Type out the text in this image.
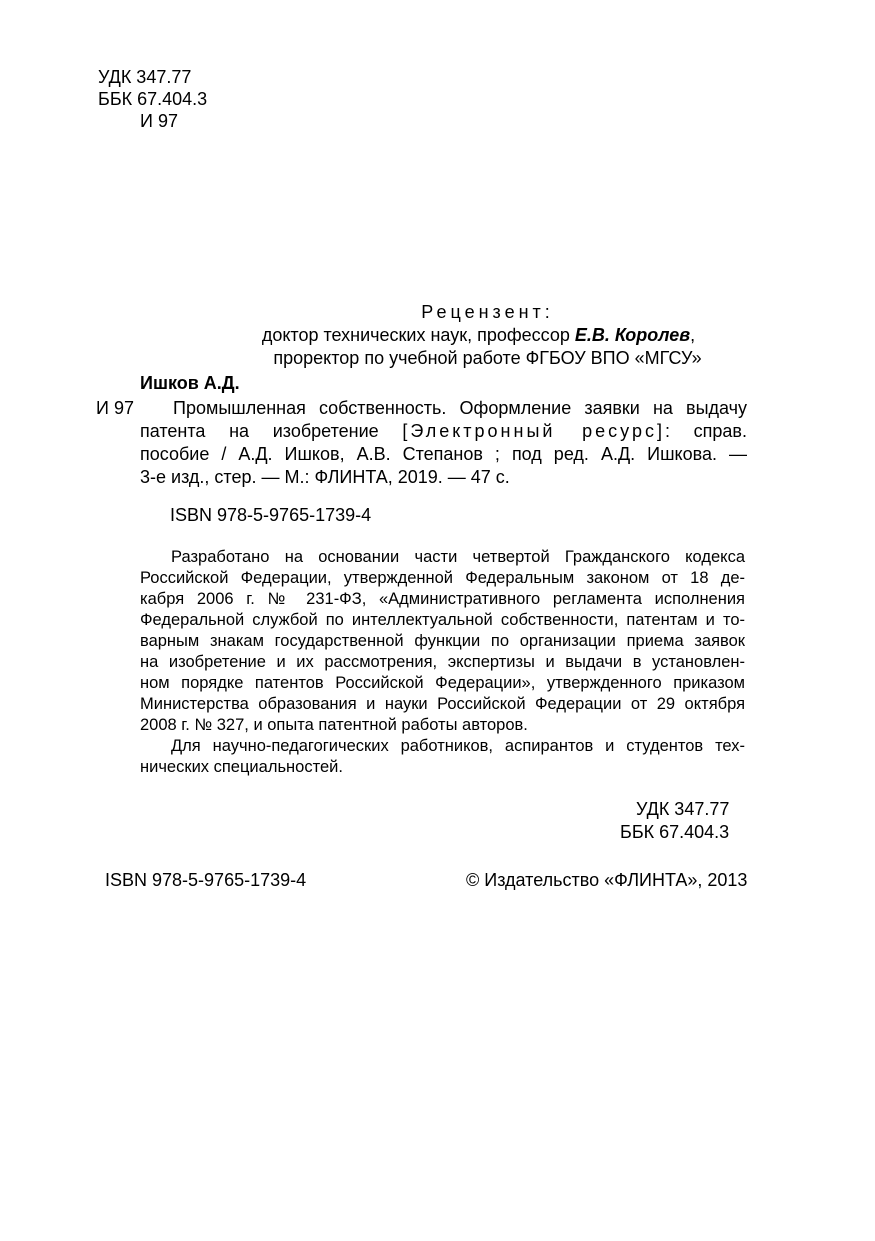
УДК 347.77
ББК 67.404.3
И 97
Рецензент:
доктор технических наук, профессор Е.В. Королев,
проректор по учебной работе ФГБОУ ВПО «МГСУ»
Ишков А.Д.
И 97	Промышленная собственность. Оформление заявки на выдачу
патента на изобретение [Электронный ресурс]: справ.
пособие / А.Д. Ишков, А.В. Степанов ; под ред. А.Д. Ишкова. —
3-е изд., стер. — М.: ФЛИНТА, 2019. — 47 с.
ISBN 978-5-9765-1739-4
Разработано на основании части четвертой Гражданского кодекса
Российской Федерации, утвержденной Федеральным законом от 18 де-
кабря 2006 г. № 231-ФЗ, «Административного регламента исполнения
Федеральной службой по интеллектуальной собственности, патентам и то-
варным знакам государственной функции по организации приема заявок
на изобретение и их рассмотрения, экспертизы и выдачи в установлен-
ном порядке патентов Российской Федерации», утвержденного приказом
Министерства образования и науки Российской Федерации от 29 октября
2008 г. № 327, и опыта патентной работы авторов.
Для научно-педагогических работников, аспирантов и студентов тех-
нических специальностей.
УДК 347.77
ББК 67.404.3
ISBN 978-5-9765-1739-4	© Издательство «ФЛИНТА», 2013
